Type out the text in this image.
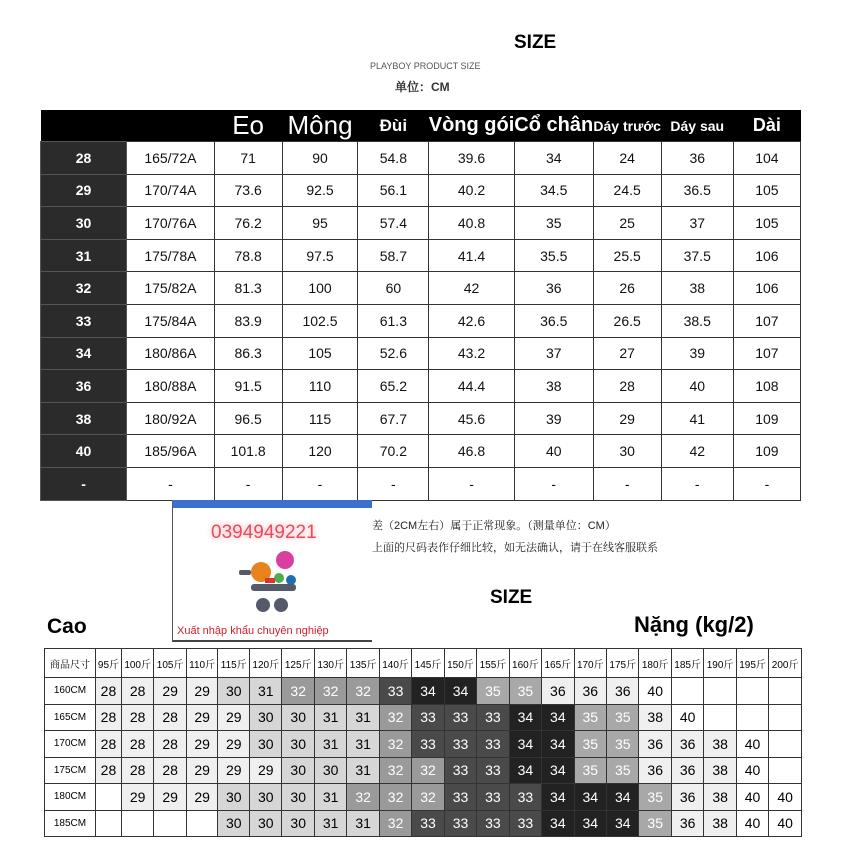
SIZE
PLAYBOY PRODUCT SIZE
单位：CM
		Eo	Mông	Đùi	Vòng gói	Cổ chân	Dáy trước	Dáy sau	Dài
28	165/72A	71	90	54.8	39.6	34	24	36	104
29	170/74A	73.6	92.5	56.1	40.2	34.5	24.5	36.5	105
30	170/76A	76.2	95	57.4	40.8	35	25	37	105
31	175/78A	78.8	97.5	58.7	41.4	35.5	25.5	37.5	106
32	175/82A	81.3	100	60	42	36	26	38	106
33	175/84A	83.9	102.5	61.3	42.6	36.5	26.5	38.5	107
34	180/86A	86.3	105	52.6	43.2	37	27	39	107
36	180/88A	91.5	110	65.2	44.4	38	28	40	108
38	180/92A	96.5	115	67.7	45.6	39	29	41	109
40	185/96A	101.8	120	70.2	46.8	40	30	42	109
-	-	-	-	-	-	-	-	-	-
差（2CM左右）属于正常现象。（测量单位：CM）
上面的尺码表作仔细比较，如无法确认，请于在线客服联系
0394949221
Xuất nhập khẩu chuyên nghiệp
SIZE
Cao	Nặng (kg/2)
商品尺寸	95斤	100斤	105斤	110斤	115斤	120斤	125斤	130斤	135斤	140斤	145斤	150斤	155斤	160斤	165斤	170斤	175斤	180斤	185斤	190斤	195斤	200斤
160CM	28	28	29	29	30	31	32	32	32	33	34	34	35	35	36	36	36	40				
165CM	28	28	28	29	29	30	30	31	31	32	33	33	33	34	34	35	35	38	40			
170CM	28	28	28	29	29	30	30	31	31	32	33	33	33	34	34	35	35	36	36	38	40	
175CM	28	28	28	29	29	29	30	30	31	32	32	33	33	34	34	35	35	36	36	38	40	
180CM		29	29	29	30	30	30	31	32	32	32	33	33	33	34	34	34	35	36	38	40	40
185CM					30	30	30	31	31	32	33	33	33	33	34	34	34	35	36	38	40	40
